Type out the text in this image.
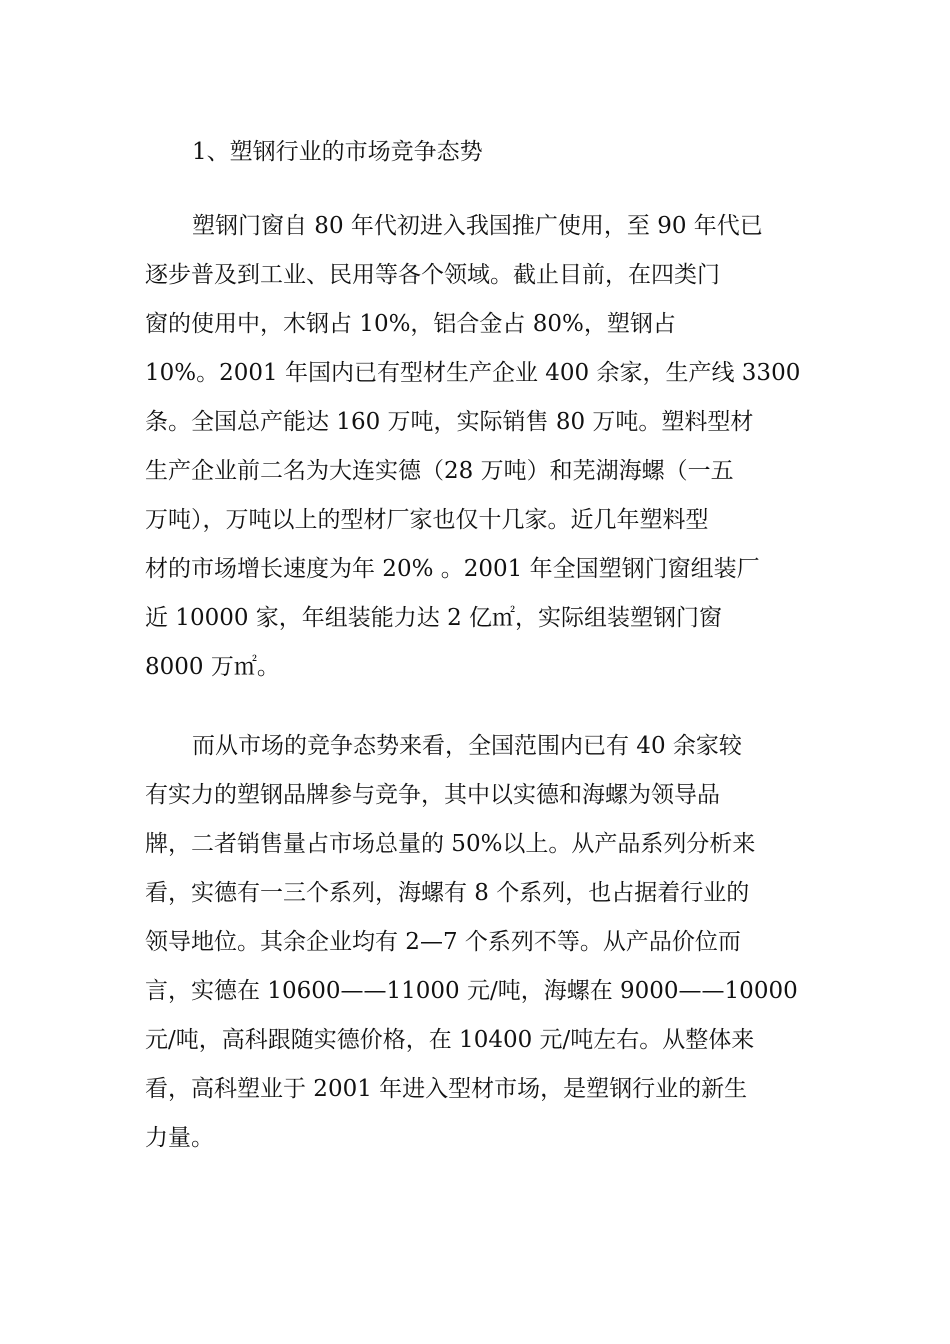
1、塑钢行业的市场竞争态势
塑钢门窗自 80 年代初进入我国推广使用，至 90 年代已
逐步普及到工业、民用等各个领域。截止目前，在四类门
窗的使用中，木钢占 10%，铝合金占 80%，塑钢占
10%。2001 年国内已有型材生产企业 400 余家，生产线 3300
条。全国总产能达 160 万吨，实际销售 80 万吨。塑料型材
生产企业前二名为大连实德（28 万吨）和芜湖海螺（一五
万吨），万吨以上的型材厂家也仅十几家。近几年塑料型
材的市场增长速度为年 20% 。2001 年全国塑钢门窗组装厂
近 10000 家，年组装能力达 2 亿㎡，实际组装塑钢门窗
8000 万㎡。
而从市场的竞争态势来看，全国范围内已有 40 余家较
有实力的塑钢品牌参与竞争，其中以实德和海螺为领导品
牌，二者销售量占市场总量的 50%以上。从产品系列分析来
看，实德有一三个系列，海螺有 8 个系列，也占据着行业的
领导地位。其余企业均有 2—7 个系列不等。从产品价位而
言，实德在 10600——11000 元/吨，海螺在 9000——10000
元/吨，高科跟随实德价格，在 10400 元/吨左右。从整体来
看，高科塑业于 2001 年进入型材市场，是塑钢行业的新生
力量。
